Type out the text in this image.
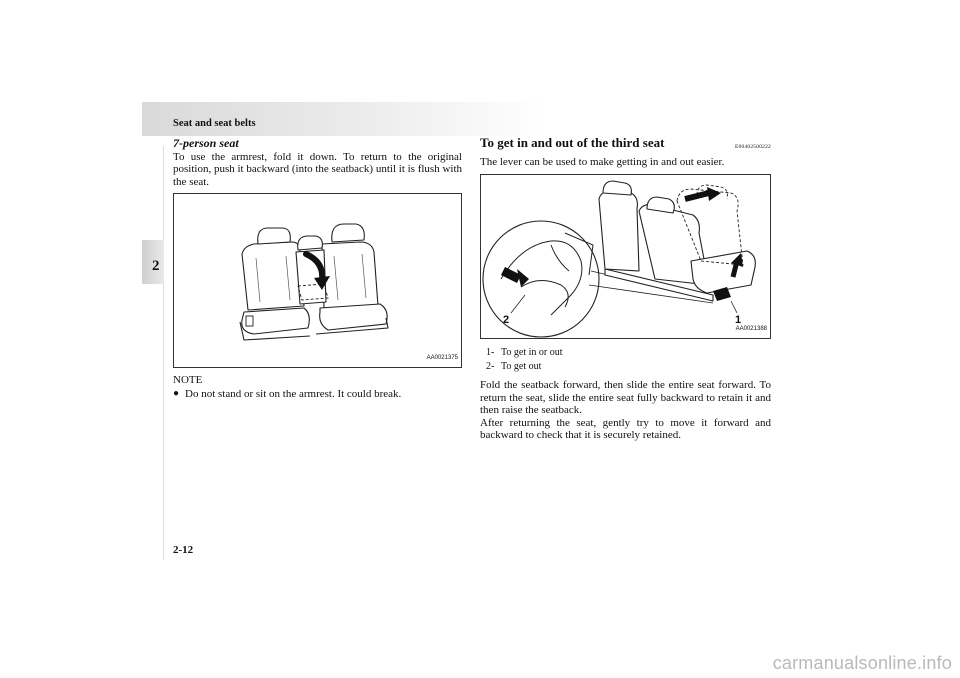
Seat and seat belts
2
7-person seat

To use the armrest, fold it down. To return to the original position, push it backward (into the seatback) until it is flush with the seat.

AA0021375
NOTE
● Do not stand or sit on the armrest. It could break.
To get in and out of the third seat	E00402500222

The lever can be used to make getting in and out easier.

2	1
AA0021388
1- To get in or out
2- To get out

Fold the seatback forward, then slide the entire seat forward. To return the seat, slide the entire seat fully backward to retain it and then raise the seatback.

After returning the seat, gently try to move it forward and backward to check that it is securely retained.

2-12
carmanualsonline.info
